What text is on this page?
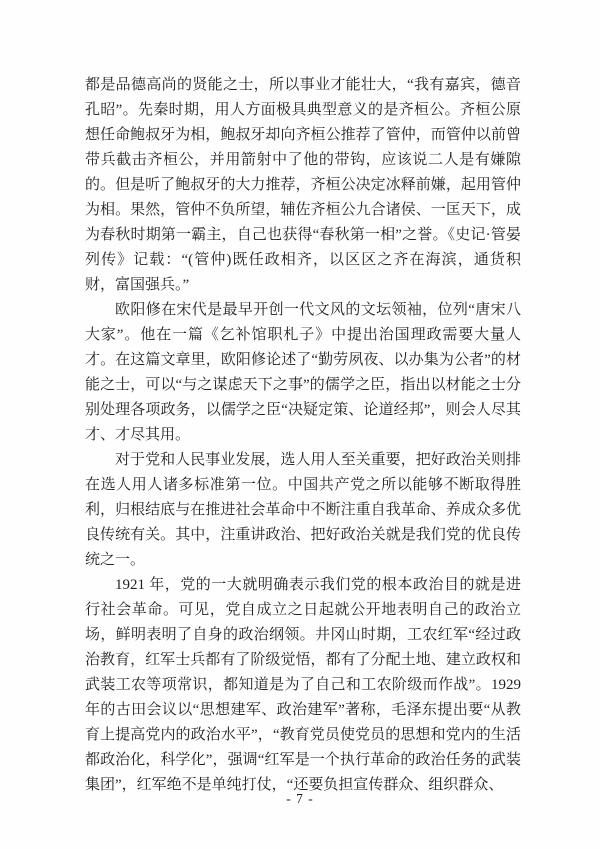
都是品德高尚的贤能之士，所以事业才能壮大，“我有嘉宾，德音孔昭”。先秦时期，用人方面极具典型意义的是齐桓公。齐桓公原想任命鲍叔牙为相，鲍叔牙却向齐桓公推荐了管仲，而管仲以前曾带兵截击齐桓公，并用箭射中了他的带钩，应该说二人是有嫌隙的。但是听了鲍叔牙的大力推荐，齐桓公决定冰释前嫌，起用管仲为相。果然，管仲不负所望，辅佐齐桓公九合诸侯、一匡天下，成为春秋时期第一霸主，自己也获得“春秋第一相”之誉。《史记·管晏列传》记载：“(管仲)既任政相齐，以区区之齐在海滨，通货积财，富国强兵。”

欧阳修在宋代是最早开创一代文风的文坛领袖，位列“唐宋八大家”。他在一篇《乞补馆职札子》中提出治国理政需要大量人才。在这篇文章里，欧阳修论述了“勤劳夙夜、以办集为公者”的材能之士，可以“与之谋虑天下之事”的儒学之臣，指出以材能之士分别处理各项政务，以儒学之臣“决疑定策、论道经邦”，则会人尽其才、才尽其用。

对于党和人民事业发展，选人用人至关重要，把好政治关则排在选人用人诸多标准第一位。中国共产党之所以能够不断取得胜利，归根结底与在推进社会革命中不断注重自我革命、养成众多优良传统有关。其中，注重讲政治、把好政治关就是我们党的优良传统之一。

1921 年，党的一大就明确表示我们党的根本政治目的就是进行社会革命。可见，党自成立之日起就公开地表明自己的政治立场，鲜明表明了自身的政治纲领。井冈山时期，工农红军“经过政治教育，红军士兵都有了阶级觉悟，都有了分配土地、建立政权和武装工农等项常识，都知道是为了自己和工农阶级而作战”。1929 年的古田会议以“思想建军、政治建军”著称，毛泽东提出要“从教育上提高党内的政治水平”，“教育党员使党员的思想和党内的生活都政治化，科学化”，强调“红军是一个执行革命的政治任务的武装集团”，红军绝不是单纯打仗，“还要负担宣传群众、组织群众、

- 7 -
